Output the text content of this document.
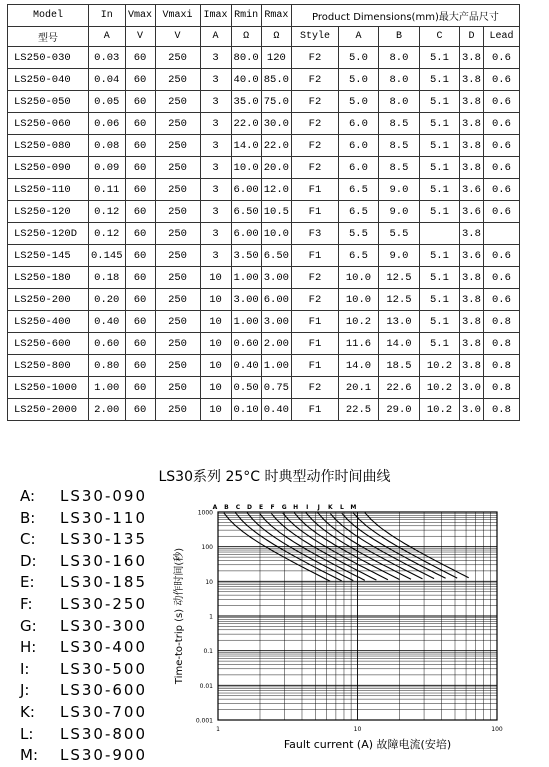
Model	In	Vmax	Vmaxi	Imax	Rmin	Rmax	Product Dimensions(mm)最大产品尺寸					
型号	A	V	V	A	Ω	Ω	Style	A	B	C	D	Lead
LS250-030	0.03	60	250	3	80.0	120	F2	5.0	8.0	5.1	3.8	0.6
LS250-040	0.04	60	250	3	40.0	85.0	F2	5.0	8.0	5.1	3.8	0.6
LS250-050	0.05	60	250	3	35.0	75.0	F2	5.0	8.0	5.1	3.8	0.6
LS250-060	0.06	60	250	3	22.0	30.0	F2	6.0	8.5	5.1	3.8	0.6
LS250-080	0.08	60	250	3	14.0	22.0	F2	6.0	8.5	5.1	3.8	0.6
LS250-090	0.09	60	250	3	10.0	20.0	F2	6.0	8.5	5.1	3.8	0.6
LS250-110	0.11	60	250	3	6.00	12.0	F1	6.5	9.0	5.1	3.6	0.6
LS250-120	0.12	60	250	3	6.50	10.5	F1	6.5	9.0	5.1	3.6	0.6
LS250-120D	0.12	60	250	3	6.00	10.0	F3	5.5	5.5		3.8	
LS250-145	0.145	60	250	3	3.50	6.50	F1	6.5	9.0	5.1	3.6	0.6
LS250-180	0.18	60	250	10	1.00	3.00	F2	10.0	12.5	5.1	3.8	0.6
LS250-200	0.20	60	250	10	3.00	6.00	F2	10.0	12.5	5.1	3.8	0.6
LS250-400	0.40	60	250	10	1.00	3.00	F1	10.2	13.0	5.1	3.8	0.8
LS250-600	0.60	60	250	10	0.60	2.00	F1	11.6	14.0	5.1	3.8	0.8
LS250-800	0.80	60	250	10	0.40	1.00	F1	14.0	18.5	10.2	3.8	0.8
LS250-1000	1.00	60	250	10	0.50	0.75	F2	20.1	22.6	10.2	3.0	0.8
LS250-2000	2.00	60	250	10	0.10	0.40	F1	22.5	29.0	10.2	3.0	0.8
LS30系列 25°C 时典型动作时间曲线
A: LS30-090
B: LS30-110
C: LS30-135
D: LS30-160
E: LS30-185
F: LS30-250
G: LS30-300
H: LS30-400
I: LS30-500
J: LS30-600
K: LS30-700
L: LS30-800
M: LS30-900
1000
100
10
1
0.1
0.01
0.001
1	10	100
Time-to-trip (s) 动作时间(秒)
Fault current (A) 故障电流(安培)
A B C D E F G H I J K L M
